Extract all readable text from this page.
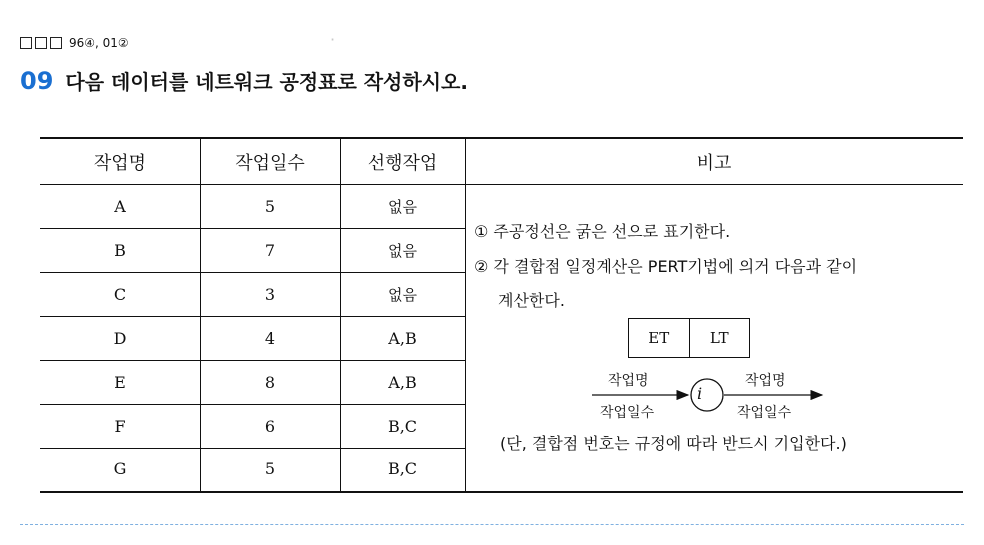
·
96④, 01②
09 다음 데이터를 네트워크 공정표로 작성하시오.
작업명	작업일수	선행작업	비고
A	5	없음
B	7	없음
C	3	없음
D	4	A,B
E	8	A,B
F	6	B,C
G	5	B,C
① 주공정선은 굵은 선으로 표기한다.
② 각 결합점 일정계산은 PERT기법에 의거 다음과 같이
계산한다.
ET	LT
i
작업명
작업일수
작업명
작업일수
(단, 결합점 번호는 규정에 따라 반드시 기입한다.)
